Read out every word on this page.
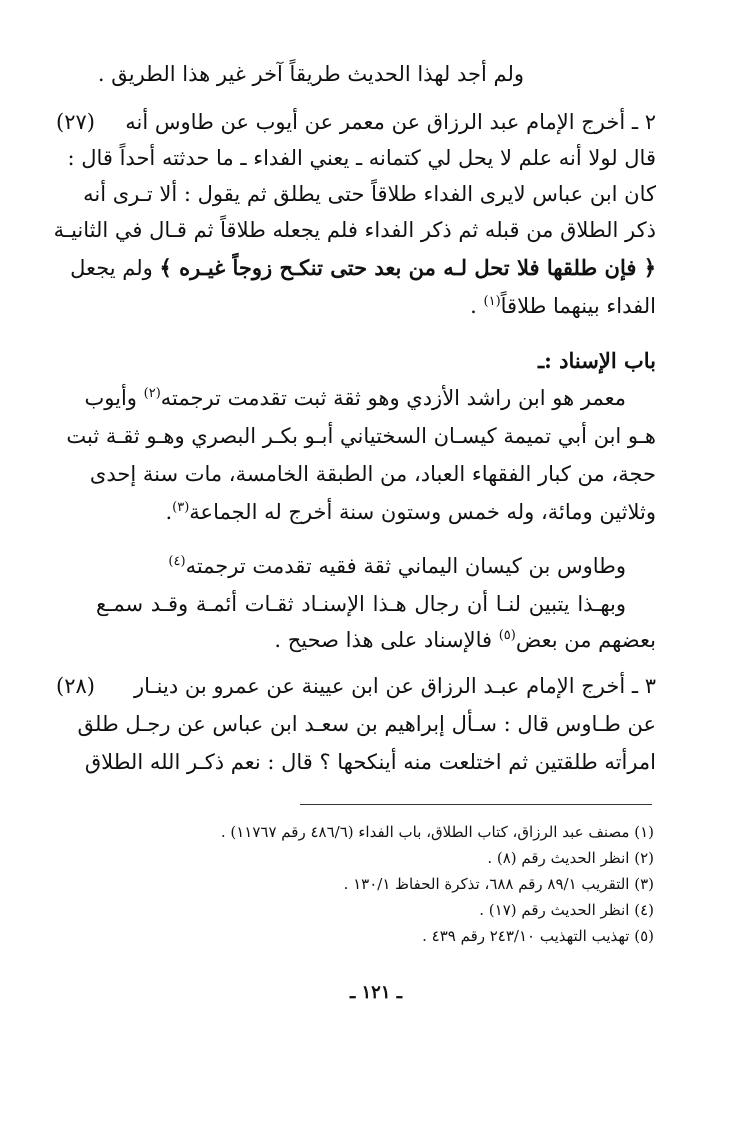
ولم أجد لهذا الحديث طريقاً آخر غير هذا الطريق .
(٢٧)	٢ ـ أخرج الإمام عبد الرزاق عن معمر عن أيوب عن طاوس أنه
قال لولا أنه علم لا يحل لي كتمانه ـ يعني الفداء ـ ما حدثته أحداً قال :
كان ابن عباس لايرى الفداء طلاقاً حتى يطلق ثم يقول : ألا تـرى أنه
ذكر الطلاق من قبله ثم ذكر الفداء فلم يجعله طلاقاً ثم قـال في الثانيـة
﴿ فإن طلقها فلا تحل لـه من بعد حتى تنكـح زوجاً غيـره ﴾ ولم يجعل
الفداء بينهما طلاقاً$^{(١)}$ .
باب الإسناد :ـ
معمر هو ابن راشد الأزدي وهو ثقة ثبت تقدمت ترجمته$^{(٢)}$ وأيوب
هـو ابن أبي تميمة كيسـان السختياني أبـو بكـر البصري وهـو ثقـة ثبت
حجة، من كبار الفقهاء العباد، من الطبقة الخامسة، مات سنة إحدى
وثلاثين ومائة، وله خمس وستون سنة أخرج له الجماعة$^{(٣)}$.
وطاوس بن كيسان اليماني ثقة فقيه تقدمت ترجمته$^{(٤)}$
وبهـذا يتبين لنـا أن رجال هـذا الإسنـاد ثقـات أئمـة وقـد سمـع
بعضهم من بعض$^{(٥)}$ فالإسناد على هذا صحيح .
(٢٨)	٣ ـ أخرج الإمام عبـد الرزاق عن ابن عيينة عن عمرو بن دينـار
عن طـاوس قال : سـأل إبراهيم بن سعـد ابن عباس عن رجـل طلق
امرأته طلقتين ثم اختلعت منه أينكحها ؟ قال : نعم ذكـر الله الطلاق
(١) مصنف عبد الرزاق، كتاب الطلاق، باب الفداء (٤٨٦/٦ رقم ١١٧٦٧) .
(٢) انظر الحديث رقم (٨) .
(٣) التقريب ٨٩/١ رقم ٦٨٨، تذكرة الحفاظ ١٣٠/١ .
(٤) انظر الحديث رقم (١٧) .
(٥) تهذيب التهذيب ٢٤٣/١٠ رقم ٤٣٩ .
ـ ١٢١ ـ
